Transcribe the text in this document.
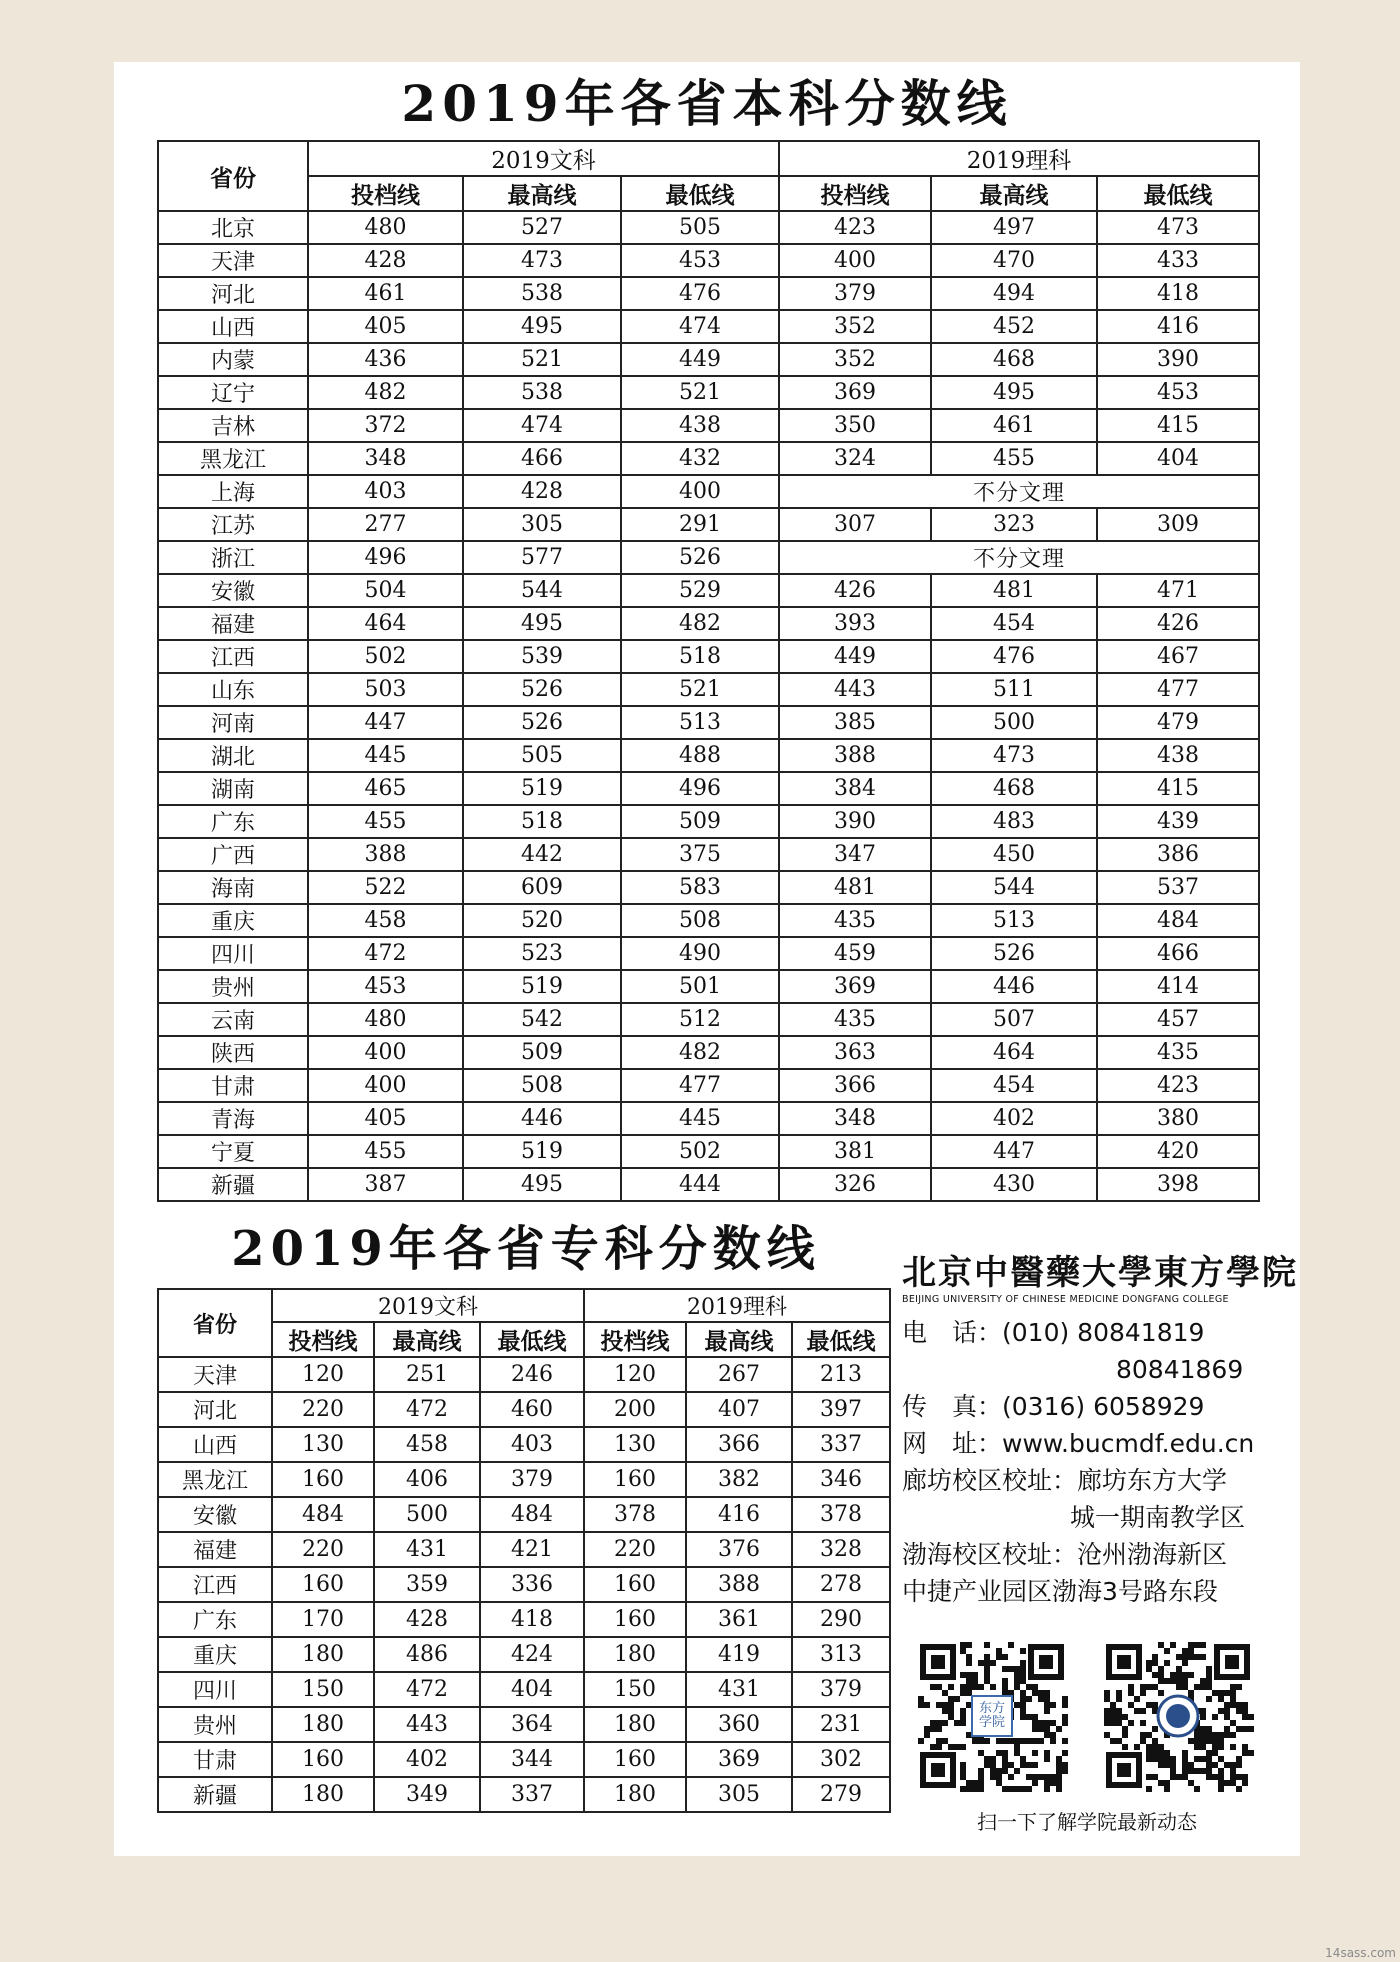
2019年各省本科分数线
省份	2019文科			2019理科		
	投档线	最高线	最低线	投档线	最高线	最低线
北京	480	527	505	423	497	473
天津	428	473	453	400	470	433
河北	461	538	476	379	494	418
山西	405	495	474	352	452	416
内蒙	436	521	449	352	468	390
辽宁	482	538	521	369	495	453
吉林	372	474	438	350	461	415
黑龙江	348	466	432	324	455	404
上海	403	428	400	不分文理		
江苏	277	305	291	307	323	309
浙江	496	577	526	不分文理		
安徽	504	544	529	426	481	471
福建	464	495	482	393	454	426
江西	502	539	518	449	476	467
山东	503	526	521	443	511	477
河南	447	526	513	385	500	479
湖北	445	505	488	388	473	438
湖南	465	519	496	384	468	415
广东	455	518	509	390	483	439
广西	388	442	375	347	450	386
海南	522	609	583	481	544	537
重庆	458	520	508	435	513	484
四川	472	523	490	459	526	466
贵州	453	519	501	369	446	414
云南	480	542	512	435	507	457
陕西	400	509	482	363	464	435
甘肃	400	508	477	366	454	423
青海	405	446	445	348	402	380
宁夏	455	519	502	381	447	420
新疆	387	495	444	326	430	398
2019年各省专科分数线
省份	2019文科			2019理科		
	投档线	最高线	最低线	投档线	最高线	最低线
天津	120	251	246	120	267	213
河北	220	472	460	200	407	397
山西	130	458	403	130	366	337
黑龙江	160	406	379	160	382	346
安徽	484	500	484	378	416	378
福建	220	431	421	220	376	328
江西	160	359	336	160	388	278
广东	170	428	418	160	361	290
重庆	180	486	424	180	419	313
四川	150	472	404	150	431	379
贵州	180	443	364	180	360	231
甘肃	160	402	344	160	369	302
新疆	180	349	337	180	305	279
北京中醫藥大學東方學院
BEIJING UNIVERSITY OF CHINESE MEDICINE DONGFANG COLLEGE
电　话：(010) 80841819
80841869
传　真：(0316) 6058929
网　址：www.bucmdf.edu.cn
廊坊校区校址：廊坊东方大学
城一期南教学区
渤海校区校址：沧州渤海新区
中捷产业园区渤海3号路东段
东方学院
扫一下了解学院最新动态
14sass.com
